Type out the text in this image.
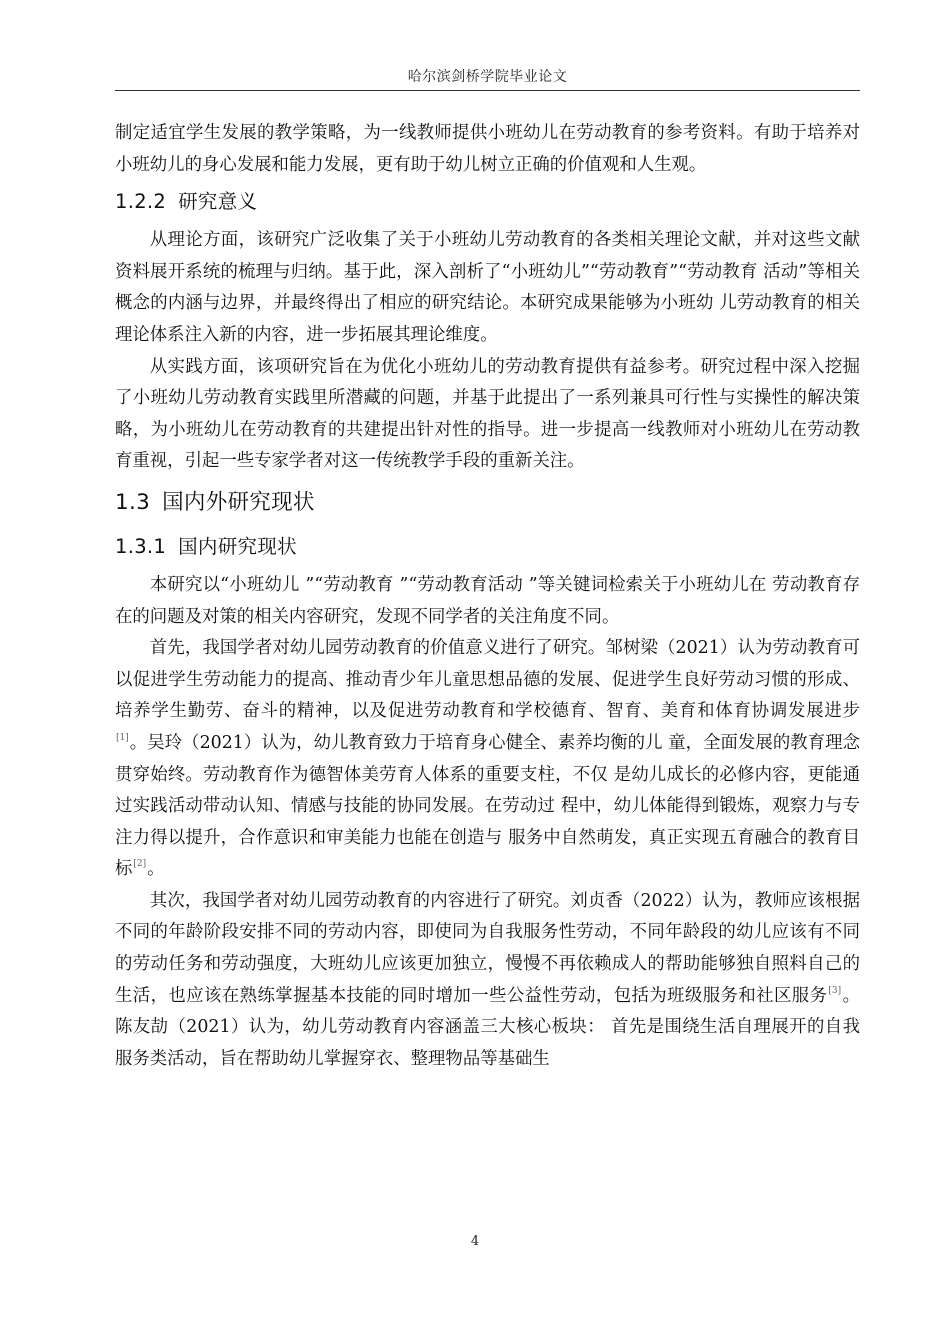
哈尔滨剑桥学院毕业论文

制定适宜学生发展的教学策略，为一线教师提供小班幼儿在劳动教育的参考资料。有助于培养对小班幼儿的身心发展和能力发展，更有助于幼儿树立正确的价值观和人生观。

1.2.2 研究意义

从理论方面，该研究广泛收集了关于小班幼儿劳动教育的各类相关理论文献，并对这些文献资料展开系统的梳理与归纳。基于此，深入剖析了“小班幼儿”“劳动教育”“劳动教育 活动”等相关概念的内涵与边界，并最终得出了相应的研究结论。本研究成果能够为小班幼 儿劳动教育的相关理论体系注入新的内容，进一步拓展其理论维度。

从实践方面，该项研究旨在为优化小班幼儿的劳动教育提供有益参考。研究过程中深入挖掘了小班幼儿劳动教育实践里所潜藏的问题，并基于此提出了一系列兼具可行性与实操性的解决策略，为小班幼儿在劳动教育的共建提出针对性的指导。进一步提高一线教师对小班幼儿在劳动教育重视，引起一些专家学者对这一传统教学手段的重新关注。

1.3 国内外研究现状
1.3.1 国内研究现状

本研究以“小班幼儿 ”“劳动教育 ”“劳动教育活动 ”等关键词检索关于小班幼儿在 劳动教育存在的问题及对策的相关内容研究，发现不同学者的关注角度不同。

首先，我国学者对幼儿园劳动教育的价值意义进行了研究。邹树梁（2021）认为劳动教育可以促进学生劳动能力的提高、推动青少年儿童思想品德的发展、促进学生良好劳动习惯的形成、培养学生勤劳、奋斗的精神，以及促进劳动教育和学校德育、智育、美育和体育协调发展进步[1]。吴玲（2021）认为，幼儿教育致力于培育身心健全、素养均衡的儿 童，全面发展的教育理念贯穿始终。劳动教育作为德智体美劳育人体系的重要支柱，不仅 是幼儿成长的必修内容，更能通过实践活动带动认知、情感与技能的协同发展。在劳动过 程中，幼儿体能得到锻炼，观察力与专注力得以提升，合作意识和审美能力也能在创造与 服务中自然萌发，真正实现五育融合的教育目标[2]。

其次，我国学者对幼儿园劳动教育的内容进行了研究。刘贞香（2022）认为，教师应该根据不同的年龄阶段安排不同的劳动内容，即使同为自我服务性劳动，不同年龄段的幼儿应该有不同的劳动任务和劳动强度，大班幼儿应该更加独立，慢慢不再依赖成人的帮助能够独自照料自己的生活，也应该在熟练掌握基本技能的同时增加一些公益性劳动，包括为班级服务和社区服务[3]。陈友劼（2021）认为，幼儿劳动教育内容涵盖三大核心板块： 首先是围绕生活自理展开的自我服务类活动，旨在帮助幼儿掌握穿衣、整理物品等基础生

4
